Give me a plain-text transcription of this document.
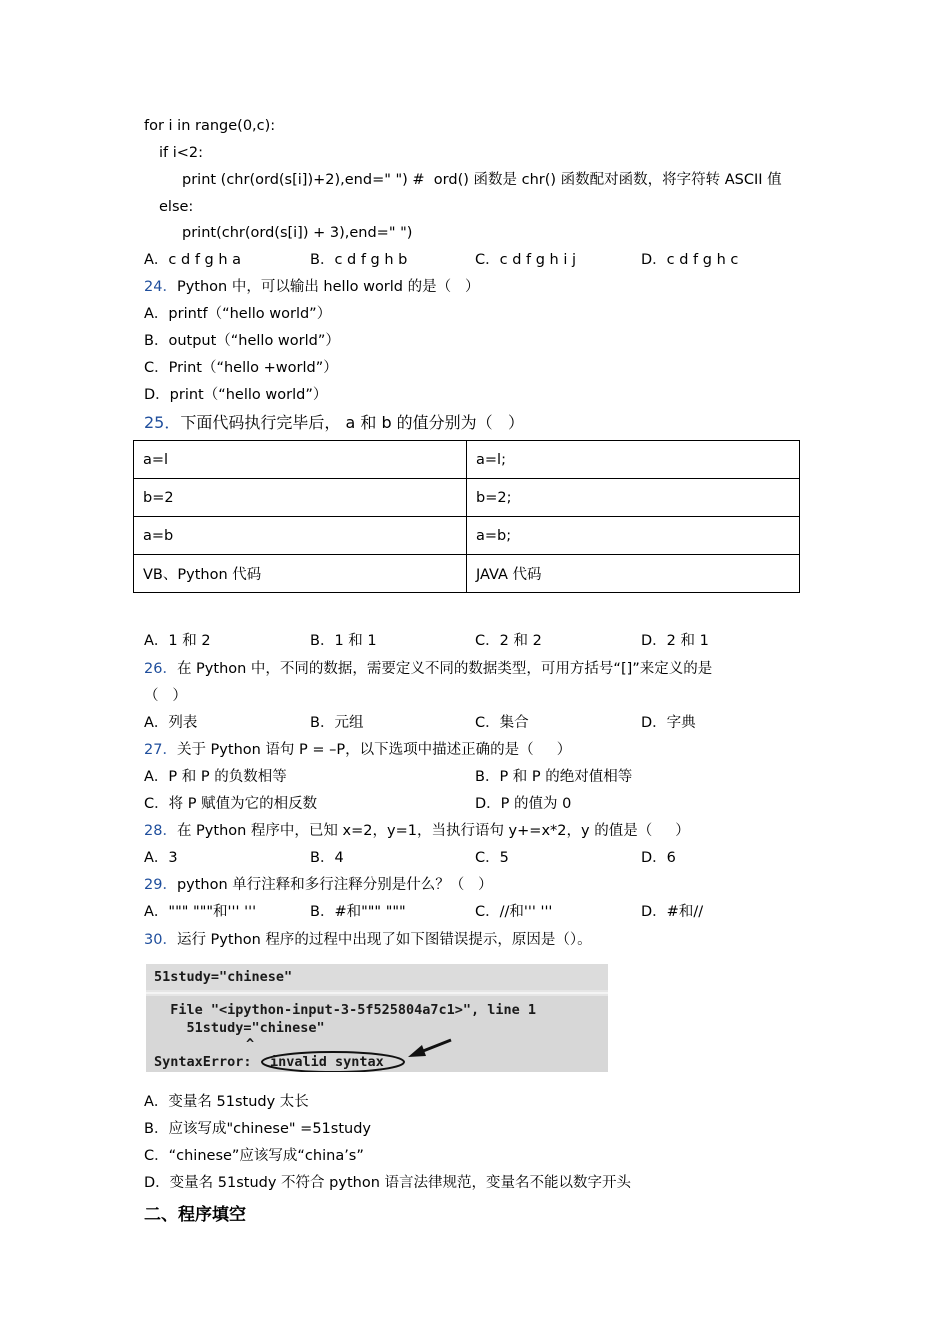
for i in range(0,c):
if i<2:
print (chr(ord(s[i])+2),end=" ") #  ord() 函数是 chr() 函数配对函数，将字符转 ASCII 值
else:
print(chr(ord(s[i]) + 3),end=" ")
A．c d f g h a	B．c d f g h b	C．c d f g h i j	D．c d f g h c
24．Python 中，可以输出 hello world 的是（   ）
A．printf（“hello world”）
B．output（“hello world”）
C．Print（“hello +world”）
D．print（“hello world”）
25．下面代码执行完毕后， a 和 b 的值分别为（   ）
a=l	a=l;
b=2	b=2;
a=b	a=b;
VB、Python 代码	JAVA 代码
A．1 和 2	B．1 和 1	C．2 和 2	D．2 和 1
26．在 Python 中，不同的数据，需要定义不同的数据类型，可用方括号“[]”来定义的是
（   ）
A．列表	B．元组	C．集合	D．字典
27．关于 Python 语句 P = –P，以下选项中描述正确的是（     ）
A．P 和 P 的负数相等	B．P 和 P 的绝对值相等
C．将 P 赋值为它的相反数	D．P 的值为 0
28．在 Python 程序中，已知 x=2，y=1，当执行语句 y+=x*2，y 的值是（     ）
A．3	B．4	C．5	D．6
29．python 单行注释和多行注释分别是什么？（   ）
A．""" """和''' '''	B．#和""" """	C．//和''' '''	D．#和//
30．运行 Python 程序的过程中出现了如下图错误提示，原因是（）。
51study="chinese"
File "<ipython-input-3-5f525804a7c1>", line 1
51study="chinese"
^
SyntaxError: invalid syntax
A．变量名 51study 太长
B．应该写成"chinese" =51study
C．“chinese”应该写成“china’s”
D．变量名 51study 不符合 python 语言法律规范，变量名不能以数字开头
二、程序填空
